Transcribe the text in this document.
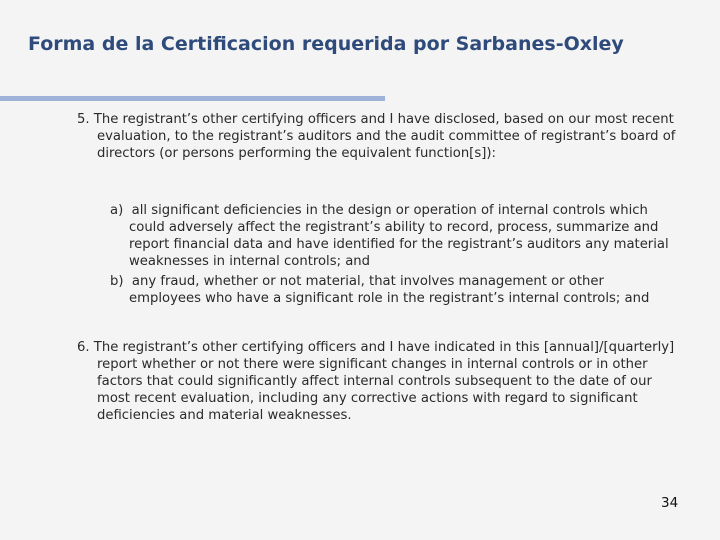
Forma de la Certificacion requerida por Sarbanes-Oxley

5. The registrant’s other certifying officers and I have disclosed, based on our most recent evaluation, to the registrant’s auditors and the audit committee of registrant’s board of directors (or persons performing the equivalent function[s]):

a) all significant deficiencies in the design or operation of internal controls which could adversely affect the registrant’s ability to record, process, summarize and report financial data and have identified for the registrant’s auditors any material weaknesses in internal controls; and

b) any fraud, whether or not material, that involves management or other employees who have a significant role in the registrant’s internal controls; and

6. The registrant’s other certifying officers and I have indicated in this [annual]/[quarterly] report whether or not there were significant changes in internal controls or in other factors that could significantly affect internal controls subsequent to the date of our most recent evaluation, including any corrective actions with regard to significant deficiencies and material weaknesses.

34
